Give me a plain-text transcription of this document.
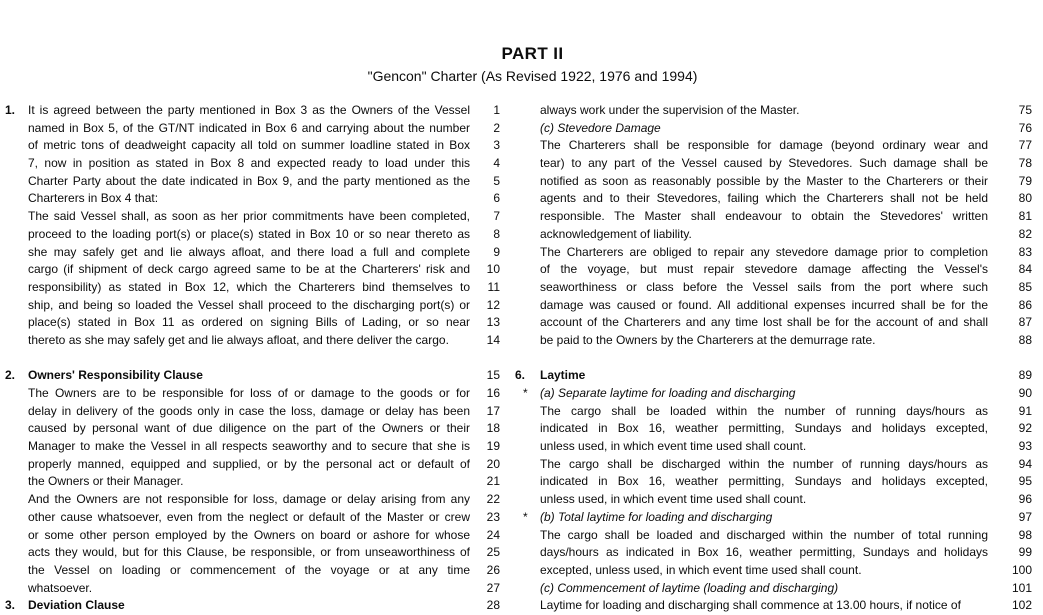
PART II
"Gencon" Charter (As Revised 1922, 1976 and 1994)
1.	It is agreed between the party mentioned in Box 3 as the Owners of the Vessel	1
named in Box 5, of the GT/NT indicated in Box 6 and carrying about the number	2
of metric tons of deadweight capacity all told on summer loadline stated in Box	3
7, now in position as stated in Box 8 and expected ready to load under this	4
Charter Party about the date indicated in Box 9, and the party mentioned as the	5
Charterers in Box 4 that:	6
The said Vessel shall, as soon as her prior commitments have been completed,	7
proceed to the loading port(s) or place(s) stated in Box 10 or so near thereto as	8
she may safely get and lie always afloat, and there load a full and complete	9
cargo (if shipment of deck cargo agreed same to be at the Charterers' risk and	10
responsibility) as stated in Box 12, which the Charterers bind themselves to	11
ship, and being so loaded the Vessel shall proceed to the discharging port(s) or	12
place(s) stated in Box 11 as ordered on signing Bills of Lading, or so near	13
thereto as she may safely get and lie always afloat, and there deliver the cargo.	14
2.	Owners' Responsibility Clause	15
The Owners are to be responsible for loss of or damage to the goods or for	16
delay in delivery of the goods only in case the loss, damage or delay has been	17
caused by personal want of due diligence on the part of the Owners or their	18
Manager to make the Vessel in all respects seaworthy and to secure that she is	19
properly manned, equipped and supplied, or by the personal act or default of	20
the Owners or their Manager.	21
And the Owners are not responsible for loss, damage or delay arising from any	22
other cause whatsoever, even from the neglect or default of the Master or crew	23
or some other person employed by the Owners on board or ashore for whose	24
acts they would, but for this Clause, be responsible, or from unseaworthiness of	25
the Vessel on loading or commencement of the voyage or at any time	26
whatsoever.	27
3.	Deviation Clause	28
always work under the supervision of the Master.	75
(c) Stevedore Damage	76
The Charterers shall be responsible for damage (beyond ordinary wear and	77
tear) to any part of the Vessel caused by Stevedores. Such damage shall be	78
notified as soon as reasonably possible by the Master to the Charterers or their	79
agents and to their Stevedores, failing which the Charterers shall not be held	80
responsible. The Master shall endeavour to obtain the Stevedores' written	81
acknowledgement of liability.	82
The Charterers are obliged to repair any stevedore damage prior to completion	83
of the voyage, but must repair stevedore damage affecting the Vessel's	84
seaworthiness or class before the Vessel sails from the port where such	85
damage was caused or found. All additional expenses incurred shall be for the	86
account of the Charterers and any time lost shall be for the account of and shall	87
be paid to the Owners by the Charterers at the demurrage rate.	88
6.	Laytime	89
*	(a) Separate laytime for loading and discharging	90
The cargo shall be loaded within the number of running days/hours as	91
indicated in Box 16, weather permitting, Sundays and holidays excepted,	92
unless used, in which event time used shall count.	93
The cargo shall be discharged within the number of running days/hours as	94
indicated in Box 16, weather permitting, Sundays and holidays excepted,	95
unless used, in which event time used shall count.	96
*	(b) Total laytime for loading and discharging	97
The cargo shall be loaded and discharged within the number of total running	98
days/hours as indicated in Box 16, weather permitting, Sundays and holidays	99
excepted, unless used, in which event time used shall count.	100
(c) Commencement of laytime (loading and discharging)	101
Laytime for loading and discharging shall commence at 13.00 hours, if notice of	102
